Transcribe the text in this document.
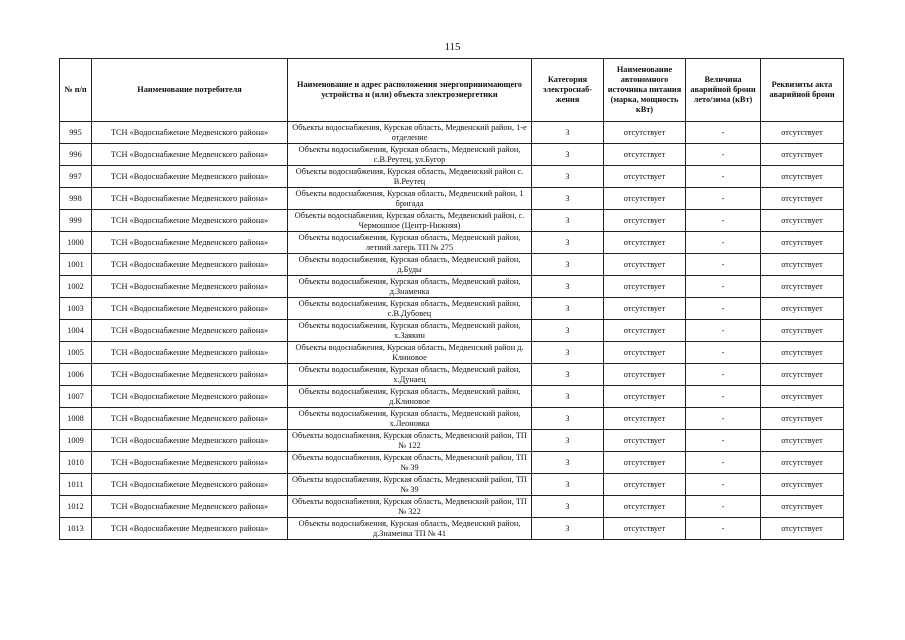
115
№ п/п	Наименование потребителя	Наименование и адрес расположения энергопринимающего устройства и (или) объекта электроэнергетики	Категория электроснаб-жения	Наименование автономного источника питания (марка, мощность кВт)	Величина аварийной брони лето/зима (кВт)	Реквизиты акта аварийной брони
995	ТСН «Водоснабжение Медвенского района»	Объекты водоснабжения, Курская область, Медвенский район, 1-е отделение	3	отсутствует	-	отсутствует
996	ТСН «Водоснабжение Медвенского района»	Объекты водоснабжения, Курская область, Медвенский район, с.В.Реутец, ул.Бугор	3	отсутствует	-	отсутствует
997	ТСН «Водоснабжение Медвенского района»	Объекты водоснабжения, Курская область, Медвенский район с. В.Реутец	3	отсутствует	-	отсутствует
998	ТСН «Водоснабжение Медвенского района»	Объекты водоснабжения, Курская область, Медвенский район, 1 бригада	3	отсутствует	-	отсутствует
999	ТСН «Водоснабжение Медвенского района»	Объекты водоснабжения, Курская область, Медвенский район, с. Чермошное (Центр-Нижняя)	3	отсутствует	-	отсутствует
1000	ТСН «Водоснабжение Медвенского района»	Объекты водоснабжения, Курская область, Медвенский район, летний лагерь ТП № 275	3	отсутствует	-	отсутствует
1001	ТСН «Водоснабжение Медвенского района»	Объекты водоснабжения, Курская область, Медвенский район, д.Буды	3	отсутствует	-	отсутствует
1002	ТСН «Водоснабжение Медвенского района»	Объекты водоснабжения, Курская область, Медвенский район, д.Знаменка	3	отсутствует	-	отсутствует
1003	ТСН «Водоснабжение Медвенского района»	Объекты водоснабжения, Курская область, Медвенский район, с.В.Дубовец	3	отсутствует	-	отсутствует
1004	ТСН «Водоснабжение Медвенского района»	Объекты водоснабжения, Курская область, Медвенский район, х.Заякин	3	отсутствует	-	отсутствует
1005	ТСН «Водоснабжение Медвенского района»	Объекты водоснабжения, Курская область, Медвенский район д. Клиновое	3	отсутствует	-	отсутствует
1006	ТСН «Водоснабжение Медвенского района»	Объекты водоснабжения, Курская область, Медвенский район, х.Дунаец	3	отсутствует	-	отсутствует
1007	ТСН «Водоснабжение Медвенского района»	Объекты водоснабжения, Курская область, Медвенский район, д.Клиновое	3	отсутствует	-	отсутствует
1008	ТСН «Водоснабжение Медвенского района»	Объекты водоснабжения, Курская область, Медвенский район, х.Леоновка	3	отсутствует	-	отсутствует
1009	ТСН «Водоснабжение Медвенского района»	Объекты водоснабжения, Курская область, Медвенский район, ТП № 122	3	отсутствует	-	отсутствует
1010	ТСН «Водоснабжение Медвенского района»	Объекты водоснабжения, Курская область, Медвенский район, ТП № 39	3	отсутствует	-	отсутствует
1011	ТСН «Водоснабжение Медвенского района»	Объекты водоснабжения, Курская область, Медвенский район, ТП № 39	3	отсутствует	-	отсутствует
1012	ТСН «Водоснабжение Медвенского района»	Объекты водоснабжения, Курская область, Медвенский район, ТП № 322	3	отсутствует	-	отсутствует
1013	ТСН «Водоснабжение Медвенского района»	Объекты водоснабжения, Курская область, Медвенский район, д.Знаменка ТП № 41	3	отсутствует	-	отсутствует
